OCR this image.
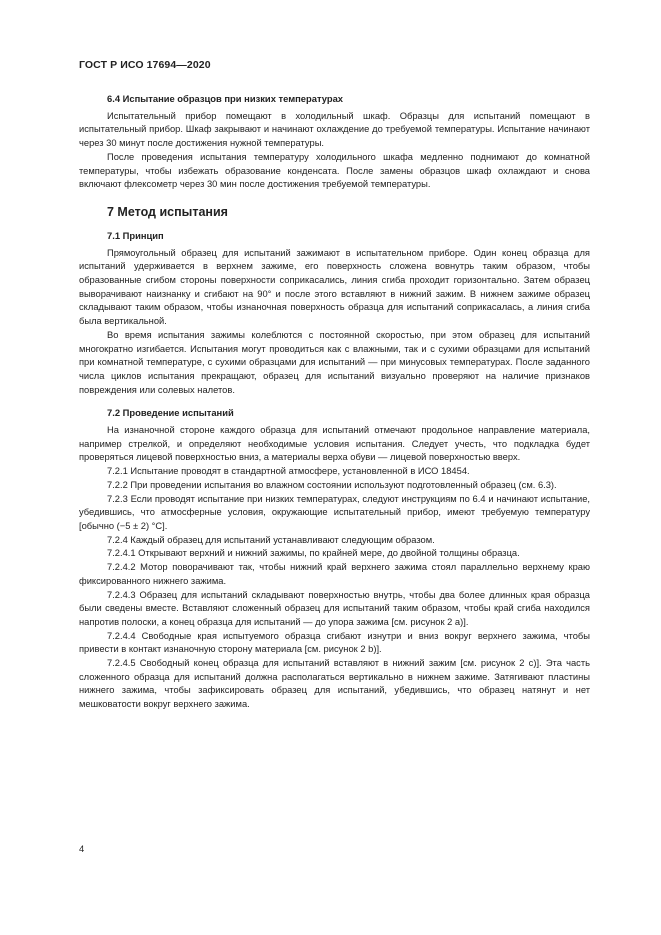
ГОСТ Р ИСО 17694—2020
6.4 Испытание образцов при низких температурах

Испытательный прибор помещают в холодильный шкаф. Образцы для испытаний помещают в испытательный прибор. Шкаф закрывают и начинают охлаждение до требуемой температуры. Испытание начинают через 30 минут после достижения нужной температуры.

После проведения испытания температуру холодильного шкафа медленно поднимают до комнатной температуры, чтобы избежать образование конденсата. После замены образцов шкаф охлаждают и снова включают флексометр через 30 мин после достижения требуемой температуры.

7 Метод испытания
7.1 Принцип

Прямоугольный образец для испытаний зажимают в испытательном приборе. Один конец образца для испытаний удерживается в верхнем зажиме, его поверхность сложена вовнутрь таким образом, чтобы образованные сгибом стороны поверхности соприкасались, линия сгиба проходит горизонтально. Затем образец выворачивают наизнанку и сгибают на 90° и после этого вставляют в нижний зажим. В нижнем зажиме образец складывают таким образом, чтобы изнаночная поверхность образца для испытаний соприкасалась, а линия сгиба была вертикальной.

Во время испытания зажимы колеблются с постоянной скоростью, при этом образец для испытаний многократно изгибается. Испытания могут проводиться как с влажными, так и с сухими образцами для испытаний при комнатной температуре, с сухими образцами для испытаний — при минусовых температурах. После заданного числа циклов испытания прекращают, образец для испытаний визуально проверяют на наличие признаков повреждения или солевых налетов.

7.2 Проведение испытаний

На изнаночной стороне каждого образца для испытаний отмечают продольное направление материала, например стрелкой, и определяют необходимые условия испытания. Следует учесть, что подкладка будет проверяться лицевой поверхностью вниз, а материалы верха обуви — лицевой поверхностью вверх.

7.2.1 Испытание проводят в стандартной атмосфере, установленной в ИСО 18454.

7.2.2 При проведении испытания во влажном состоянии используют подготовленный образец (см. 6.3).

7.2.3 Если проводят испытание при низких температурах, следуют инструкциям по 6.4 и начинают испытание, убедившись, что атмосферные условия, окружающие испытательный прибор, имеют требуемую температуру [обычно (−5 ± 2) °C].

7.2.4 Каждый образец для испытаний устанавливают следующим образом.

7.2.4.1 Открывают верхний и нижний зажимы, по крайней мере, до двойной толщины образца.

7.2.4.2 Мотор поворачивают так, чтобы нижний край верхнего зажима стоял параллельно верхнему краю фиксированного нижнего зажима.

7.2.4.3 Образец для испытаний складывают поверхностью внутрь, чтобы два более длинных края образца были сведены вместе. Вставляют сложенный образец для испытаний таким образом, чтобы край сгиба находился напротив полоски, а конец образца для испытаний — до упора зажима [см. рисунок 2 a)].

7.2.4.4 Свободные края испытуемого образца сгибают изнутри и вниз вокруг верхнего зажима, чтобы привести в контакт изнаночную сторону материала [см. рисунок 2 b)].

7.2.4.5 Свободный конец образца для испытаний вставляют в нижний зажим [см. рисунок 2 c)]. Эта часть сложенного образца для испытаний должна располагаться вертикально в нижнем зажиме. Затягивают пластины нижнего зажима, чтобы зафиксировать образец для испытаний, убедившись, что образец натянут и нет мешковатости вокруг верхнего зажима.

4
